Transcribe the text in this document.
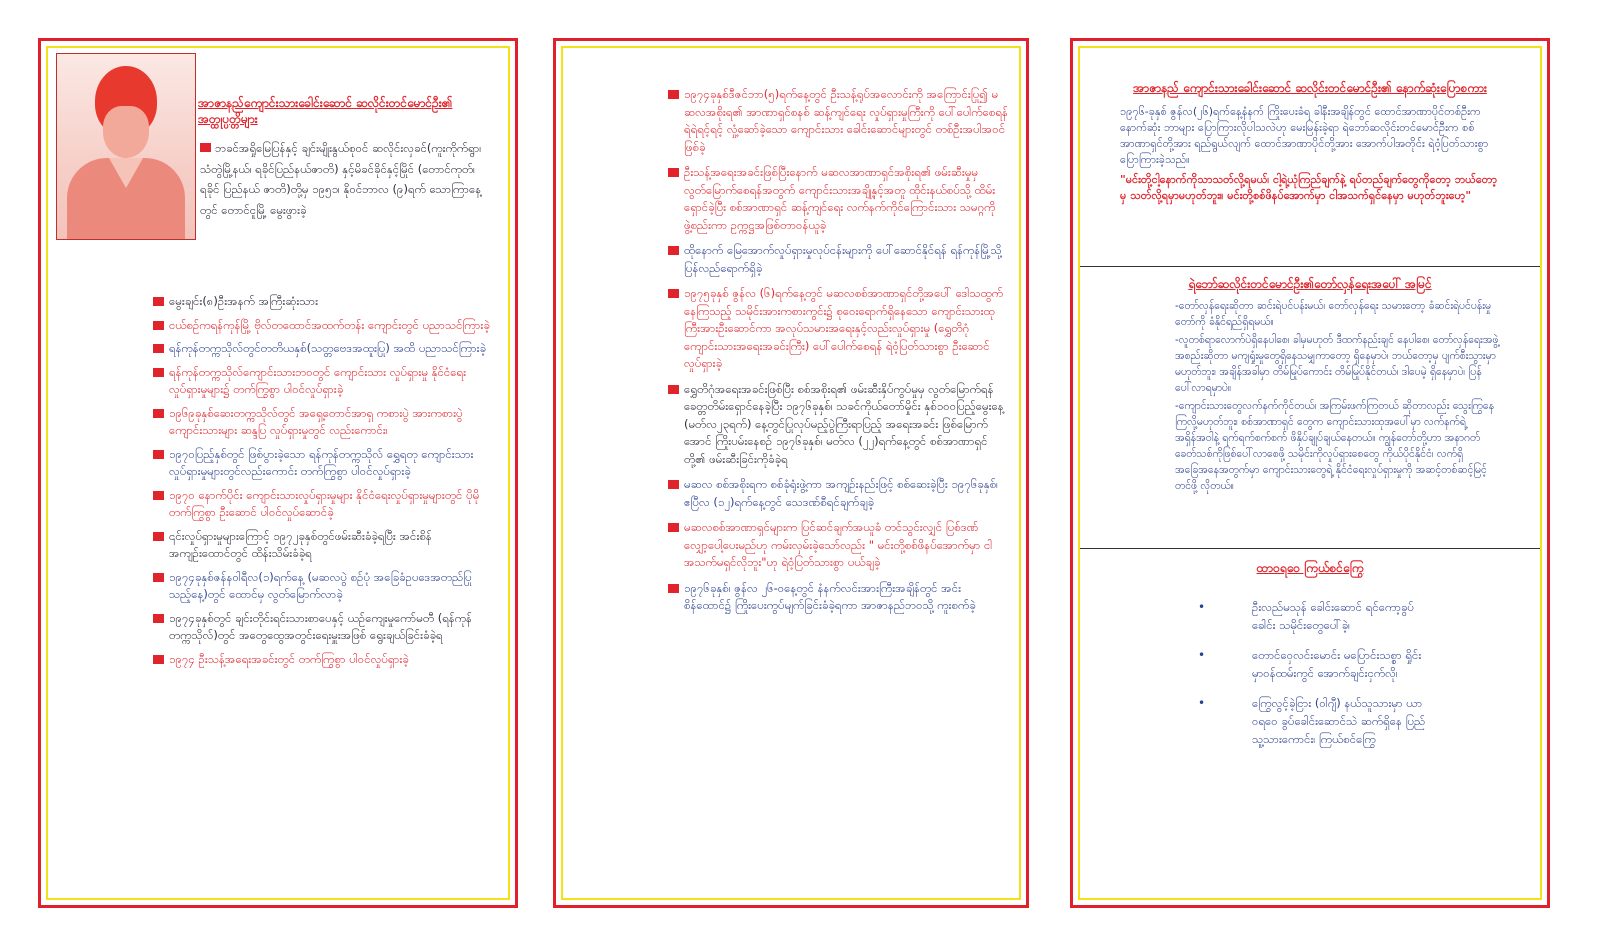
အာဇာနည်ကျောင်းသားခေါင်းဆောင် ဆလိုင်းတင်မောင်ဦး၏ အတ္ထုပ္ပတ္တိများ
ဘခင်အရှိုမြေပြန်နှင့် ချင်းမျိုးနွယ်စုဝင် ဆလိုင်းလှခင်(ကူးကိုက်ရွာ၊ သံတွဲမြို့နယ်၊ ရခိုင်ပြည်နယ်ဇာတိ) နှင့်မိခင်ခိုင်နှင့်မြိုင် (တောင်ကုတ်၊ရခိုင် ပြည်နယ် ဇာတိ)တို့မှ ၁၉၅၁၊ နိုဝင်ဘာလ (၉)ရက် သောကြာနေ့တွင် တောင်ငူမြို့ မွေးဖွားခဲ့
မွေးချင်း(၈)ဦးအနက် အကြီးဆုံးသား
ငယ်စဉ်ကရန်ကုန်မြို့ ဗိုလ်တထောင်အထက်တန်း ကျောင်းတွင် ပညာသင်ကြားခဲ့
ရန်ကုန်တက္ကသိုလ်တွင်တတိယနှစ်(သတ္တဗေဒအထူးပြု) အထိ ပညာသင်ကြားခဲ့
ရန်ကုန်တက္ကသိုလ်ကျောင်းသားဘဝတွင် ကျောင်းသား လှုပ်ရှားမှု နိုင်ငံရေးလှုပ်ရှားမှုများ၌ တက်ကြွစွာ ပါဝင်လှုပ်ရှားခဲ့
၁၉၆၉ခုနှစ်ဆေးတက္ကသိုလ်တွင် အရှေ့တောင်အာရှ ကစားပွဲ အားကစားပွဲ ကျောင်းသားများ ဆန္ဒပြ လှုပ်ရှားမှုတွင် လည်းကောင်း၊
၁၉၇၀ပြည့်နှစ်တွင် ဖြစ်ပွားခဲ့သော ရန်ကုန်တက္ကသိုလ် ရွှေရတု ကျောင်းသားလှုပ်ရှားမှုများတွင်လည်းကောင်း တက်ကြွစွာ ပါဝင်လှုပ်ရှားခဲ့
၁၉၇၀ နောက်ပိုင်း ကျောင်းသားလှုပ်ရှားမှုများ နိုင်ငံရေးလှုပ်ရှားမှုများတွင် ပိုမိုတက်ကြွစွာ ဦးဆောင် ပါဝင်လှုပ်ဆောင်ခဲ့
၎င်းလှုပ်ရှားမှုများကြောင့် ၁၉၇၂ခုနှစ်တွင်ဖမ်းဆီးခံခဲ့ရပြီး အင်းစိန်အကျဉ်းထောင်တွင် ထိန်းသိမ်းခံခဲ့ရ
၁၉၇၄ခုနှစ်ဇန်နဝါရီလ(၁)ရက်နေ့ (မဆလပွဲ စဉ်ပုံ အခြေခံဥပဒေအတည်ပြုသည့်နေ့)တွင် ထောင်မှ လွတ်မြောက်လာခဲ့
၁၉၇၄ခုနှစ်တွင် ချင်းတိုင်းရင်းသားစာပေနှင့် ယဉ်ကျေးမှုကော်မတီ (ရန်ကုန်တက္ကသိုလ်)တွင် အတွေထွေအတွင်းရေးမှူးအဖြစ် ရွေးချယ်ခြင်းခံခဲ့ရ
၁၉၇၄ ဦးသန့်အရေးအခင်းတွင် တက်ကြွစွာ ပါဝင်လှုပ်ရှားခဲ့
၁၉၇၄ခုနှစ်ဒီဇင်ဘာ(၅)ရက်နေ့တွင် ဦးသန့်ရုပ်အလောင်းကို အကြောင်းပြု၍ မဆလအစိုးရ၏ အာဏာရှင်စနစ် ဆန့်ကျင်ရေး လှုပ်ရှားမှုကြီးကို ပေါ်ပေါက်စေရန် ရဲရဲရင့်ရင့် လှုံ့ဆော်ခဲ့သော ကျောင်းသား ခေါင်းဆောင်များတွင် တစ်ဦးအပါအဝင်ဖြစ်ခဲ့
ဦးသန့်အရေးအခင်းဖြစ်ပြီးနောက် မဆလအာဏာရှင်အစိုးရ၏ ဖမ်းဆီးမှုမှ လွတ်မြောက်စေရန်အတွက် ကျောင်းသားအချို့နှင့်အတူ ထိုင်းနယ်စပ်သို့ ထိမ်းရှောင်ခဲ့ပြီး စစ်အာဏာရှင် ဆန့်ကျင်ရေး လက်နက်ကိုင်ကြောင်းသား သမဂ္ဂကို ဖွဲ့စည်းကာ ဥက္ကဋ္ဌအဖြစ်တာဝန်ယူခဲ့
ထိုနောက် မြေအောက်လှုပ်ရှားမှုလုပ်ငန်းများကို ပေါ်ဆောင်နိုင်ရန် ရန်ကုန်မြို့သို့ ပြန်လည်ရောက်ရှိခဲ့
၁၉၇၅ခုနှစ် ဇွန်လ (၆)ရက်နေ့တွင် မဆလစစ်အာဏာရှင်တို့အပေါ် ဒေါသထွက်နေကြသည့် သမိုင်းအားကစားကွင်း၌ စုဝေးရောက်ရှိနေသော ကျောင်းသားထုကြီးအားဦးဆောင်ကာ အလုပ်သမားအရေးနှင့်လည်းလှုပ်ရှားမှု (ရွှေတိဂုံကျောင်းသားအရေးအခင်းကြီး) ပေါ်ပေါက်စေရန် ရဲဝံ့ပြတ်သားစွာ ဦးဆောင်လှုပ်ရှားခဲ့
ရွှေတိဂုံအရေးအခင်းဖြစ်ပြီး စစ်အစိုးရ၏ ဖမ်းဆီးနှိပ်ကွပ်မှုမှ လွတ်မြောက်ရန် ခေတ္တတိမ်းရှောင်နေခဲ့ပြီး ၁၉၇၆ခုနှစ်၊ သခင်ကိုယ်တော်မှိုင်း နှစ်၁၀၀ပြည့်မွေးနေ့ (မတ်လ၂၃ရက်) နေ့တွင်ပြုလုပ်မည့်ပွဲကြီးရာပြည့် အရေးအခင်း ဖြစ်မြောက်အောင် ကြိုးပမ်းနေစဉ် ၁၉၇၆ခုနှစ်၊ မတ်လ (၂၂)ရက်နေ့တွင် စစ်အာဏာရှင်တို့၏ ဖမ်းဆီးခြင်းကိုခံခဲ့ရ
မဆလ စစ်အစိုးရက စစ်ခုံရုံးဖွဲ့ကာ အကျဉ်းနည်းဖြင့် စစ်ဆေးခဲ့ပြီး ၁၉၇၆ခုနှစ်၊ ဧပြီလ (၁၂)ရက်နေ့တွင် သေဒဏ်စီရင်ချက်ချခဲ့
မဆလစစ်အာဏာရှင်များက ပြင်ဆင်ချက်အယူခံ တင်သွင်းလျှင် ပြစ်ဒဏ်လျှော့ပေါ့ပေးမည်ဟု ကမ်းလှမ်းခဲ့သော်လည်း " မင်းတို့စစ်ဖိနပ်အောက်မှာ ငါအသက်မရှင်လိုဘူး"ဟု ရဲဝံ့ပြတ်သားစွာ ပယ်ချခဲ့
၁၉၇၆ခုနှစ်၊ ဇွန်လ ၂၆-ဝနေ့တွင် နံနက်လင်းအားကြီးအချိန်တွင် အင်းစိန်ထောင်၌ ကြိုးပေးကွပ်မျက်ခြင်းခံခဲ့ရကာ အာဇာနည်ဘဝသို့ ကူးစက်ခဲ့
အာဇာနည် ကျောင်းသားခေါင်းဆောင် ဆလိုင်းတင်မောင်ဦး၏ နောက်ဆုံးပြောစကား
၁၉၇၆-ခုနှစ် ဇွန်လ(၂၆)ရက်နေ့နံနက် ကြိုးပေးခံရ ခါနီးအချိန်တွင် ထောင်အာဏာပိုင်တစ်ဦးက နောက်ဆုံး ဘာများ ပြောကြားလိုပါသလဲဟု မေးမြန်းခဲ့ရာ ရဲဘော်ဆလိုင်းတင်မောင်ဦးက စစ်အာဏာရှင်တို့အား ရည်ရွယ်လျက် ထောင်အာဏာပိုင်တို့အား အောက်ပါအတိုင်း ရဲဝံ့ပြတ်သားစွာ ပြောကြားခဲ့သည်။
"မင်းတို့ငါ့နောက်ကိုသာသတ်လို့ရမယ်၊ ငါ့ရဲ့ယုံကြည်ချက်နဲ့ ရပ်တည်ချက်တွေကိုတော့ ဘယ်တော့မှ သတ်လို့ရမှာမဟုတ်ဘူး။ မင်းတို့စစ်ဖိနပ်အောက်မှာ ငါအသက်ရှင်နေမှာ မဟုတ်ဘူးဟေ့"
ရဲဘော်ဆလိုင်းတင်မောင်ဦး၏တော်လှန်ရေးအပေါ် အမြင်
-တော်လှန်ရေးဆိုတာ ဆင်းရဲပင်ပန်းမယ်၊ တော်လှန်ရေး သမားတော့ ခံဆင်းရဲပင်ပန်းမှုတော်ကို ခံနိုင်ရည်ရှိရမယ်။
-လူတစ်ရာလောက်ပဲရှိနေပါစေ၊ ခါမှမဟုတ် ဒီထက်နည်းချင် နေပါစေ၊ တော်လှန်ရေးအဖွဲ့အစည်းဆိုတာ မကျရှုံးမှုတွေရှိနေသမျှကာတော့ ရှိနေမှာပဲ၊ ဘယ်တော့မှ ပျက်စီးသွားမှာမဟုတ်ဘူး၊ အချိန်အခါမှာ တိမ်မြုပ်ကောင်း တိမ်မြုပ်နိုင်တယ်၊ ဒါပေမဲ့ ရှိနေမှာပဲ၊ ပြန်ပေါ်လာရမှာပဲ။
-ကျောင်းသားတွေလက်နက်ကိုင်တယ်၊ အကြမ်းဖက်ကြတယ် ဆိုတာလည်း သွေးကြွနေကြလို့မဟုတ်ဘူး၊ စစ်အာဏာရှင် တွေက ကျောင်းသားထုအပေါ်မှာ လက်နက်ရဲ့အရှိန်အဝါနဲ့ ရက်ရက်စက်စက် ဖိနှိပ်ချုပ်ချယ်နေတယ်။ ကျွန်တော်တို့ဟာ အနာဂတ်ခေတ်သစ်ကိုဖြစ်ပေါ်လာစေဖို့ သမိုင်းကိုလှုပ်ရှားစေတွေ ကိုယ်ပိုင်နိုင်ငံ၊ လက်ရှိအခြေအနေအတွက်မှာ ကျောင်းသားတွေရဲ့ နိုင်ငံရေးလှုပ်ရှားမှုကို အဆင့်တစ်ဆင့်မြင့်တင်ဖို့ လိုတယ်။
ထာဝရဝေ ကြယ်စင်ကြွေ
•	ဦးလည်မသုန် ခေါင်းဆောင် ရင်ကော့ခွပ်ခေါင်း သမိုင်းတွေပေါ်ခဲ့၊
•	တောင်ဝှေလင်းမောင်း မပြောင်းသစ္စာ ရှိုင်းမှာဝန်ထမ်းကွင် အောက်ချင်းငှက်လို၊
•	ကြွေလွင့်ခဲ့ငြား (ဝါဂျီ) နယ်သူသားမှာ ယာဝရဝေ ခွပ်ခေါင်းဆောင်သဲ ဆက်ရှိနေ ပြည်သူ့သားကောင်း၊ ကြယ်စင်ကြွေ
